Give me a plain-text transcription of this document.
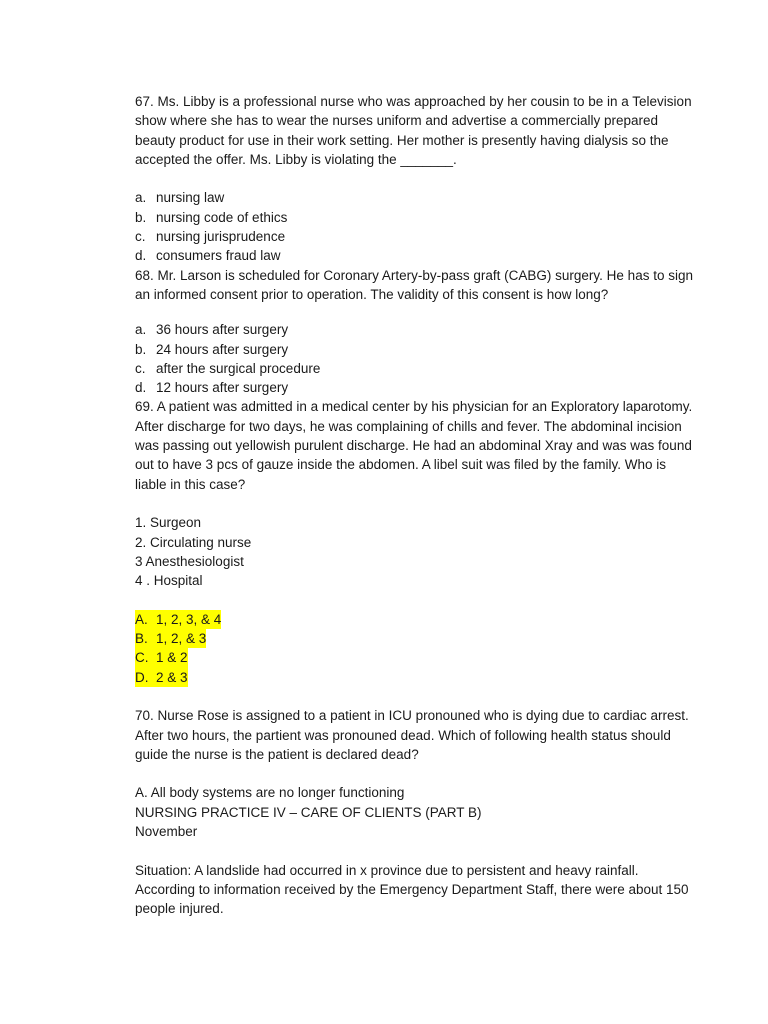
67. Ms. Libby is a professional nurse who was approached by her cousin to be in a Television show where she has to wear the nurses uniform and advertise a commercially prepared beauty product for use in their work setting. Her mother is presently having dialysis so the accepted the offer. Ms. Libby is violating the _______.

a. nursing law
b. nursing code of ethics
c. nursing jurisprudence
d. consumers fraud law

68. Mr. Larson is scheduled for Coronary Artery-by-pass graft (CABG) surgery. He has to sign an informed consent prior to operation. The validity of this consent is how long?

a. 36 hours after surgery
b. 24 hours after surgery
c. after the surgical procedure
d. 12 hours after surgery

69. A patient was admitted in a medical center by his physician for an Exploratory laparotomy. After discharge for two days, he was complaining of chills and fever. The abdominal incision was passing out yellowish purulent discharge. He had an abdominal Xray and was was found out to have 3 pcs of gauze inside the abdomen. A libel suit was filed by the family. Who is liable in this case?

1. Surgeon

2. Circulating nurse

3 Anesthesiologist

4 . Hospital

A. 1, 2, 3, & 4
B. 1, 2, & 3
C. 1 & 2
D. 2 & 3

70. Nurse Rose is assigned to a patient in ICU pronouned who is dying due to cardiac arrest. After two hours, the partient was pronouned dead. Which of following health status should guide the nurse is the patient is declared dead?

A. All body systems are no longer functioning

NURSING PRACTICE IV – CARE OF CLIENTS (PART B)

November

Situation: A landslide had occurred in x province due to persistent and heavy rainfall. According to information received by the Emergency Department Staff, there were about 150 people injured.
